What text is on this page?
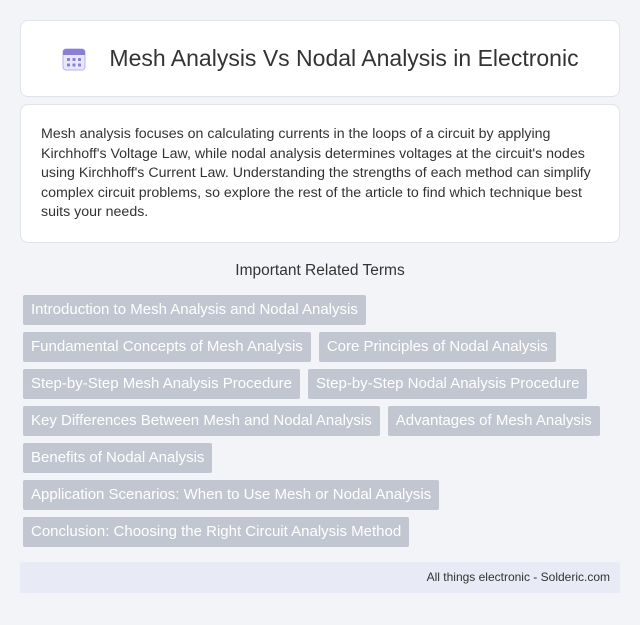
Mesh Analysis Vs Nodal Analysis in Electronic

Mesh analysis focuses on calculating currents in the loops of a circuit by applying Kirchhoff's Voltage Law, while nodal analysis determines voltages at the circuit's nodes using Kirchhoff's Current Law. Understanding the strengths of each method can simplify complex circuit problems, so explore the rest of the article to find which technique best suits your needs.

Important Related Terms
Introduction to Mesh Analysis and Nodal Analysis
Fundamental Concepts of Mesh Analysis	Core Principles of Nodal Analysis
Step-by-Step Mesh Analysis Procedure	Step-by-Step Nodal Analysis Procedure
Key Differences Between Mesh and Nodal Analysis	Advantages of Mesh Analysis
Benefits of Nodal Analysis
Application Scenarios: When to Use Mesh or Nodal Analysis
Conclusion: Choosing the Right Circuit Analysis Method
All things electronic - Solderic.com
